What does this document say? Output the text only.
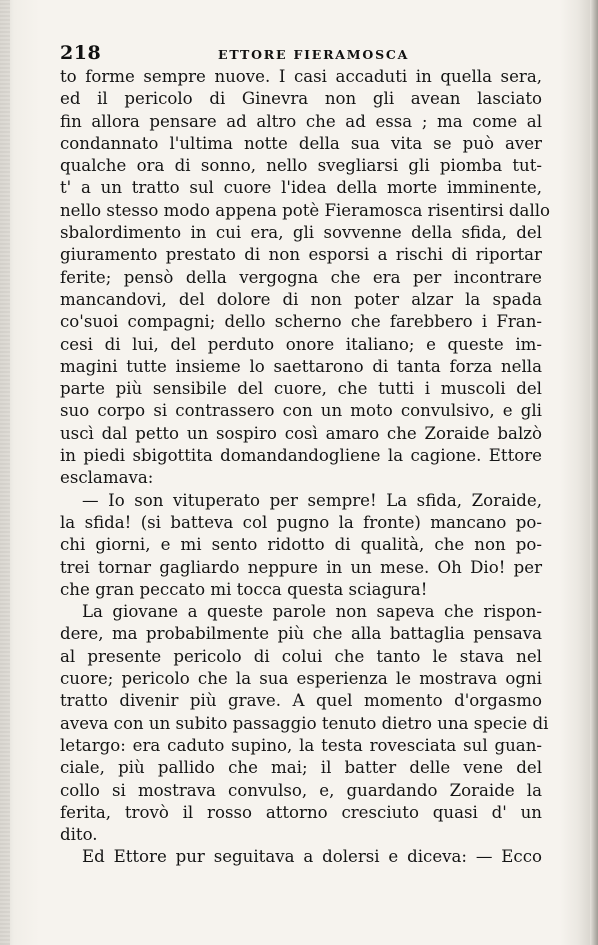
218	ETTORE FIERAMOSCA
to forme sempre nuove. I casi accaduti in quella sera,
ed il pericolo di Ginevra non gli avean lasciato
fin allora pensare ad altro che ad essa ; ma come al
condannato l'ultima notte della sua vita se può aver
qualche ora di sonno, nello svegliarsi gli piomba tut-
t' a un tratto sul cuore l'idea della morte imminente,
nello stesso modo appena potè Fieramosca risentirsi dallo
sbalordimento in cui era, gli sovvenne della sfida, del
giuramento prestato di non esporsi a rischi di riportar
ferite; pensò della vergogna che era per incontrare
mancandovi, del dolore di non poter alzar la spada
co'suoi compagni; dello scherno che farebbero i Fran-
cesi di lui, del perduto onore italiano; e queste im-
magini tutte insieme lo saettarono di tanta forza nella
parte più sensibile del cuore, che tutti i muscoli del
suo corpo si contrassero con un moto convulsivo, e gli
uscì dal petto un sospiro così amaro che Zoraide balzò
in piedi sbigottita domandandogliene la cagione. Ettore
esclamava:
— Io son vituperato per sempre! La sfida, Zoraide,
la sfida! (si batteva col pugno la fronte) mancano po-
chi giorni, e mi sento ridotto di qualità, che non po-
trei tornar gagliardo neppure in un mese. Oh Dio! per
che gran peccato mi tocca questa sciagura!
La giovane a queste parole non sapeva che rispon-
dere, ma probabilmente più che alla battaglia pensava
al presente pericolo di colui che tanto le stava nel
cuore; pericolo che la sua esperienza le mostrava ogni
tratto divenir più grave. A quel momento d'orgasmo
aveva con un subito passaggio tenuto dietro una specie di
letargo: era caduto supino, la testa rovesciata sul guan-
ciale, più pallido che mai; il batter delle vene del
collo si mostrava convulso, e, guardando Zoraide la
ferita, trovò il rosso attorno cresciuto quasi d' un
dito.
Ed Ettore pur seguitava a dolersi e diceva: — Ecco
